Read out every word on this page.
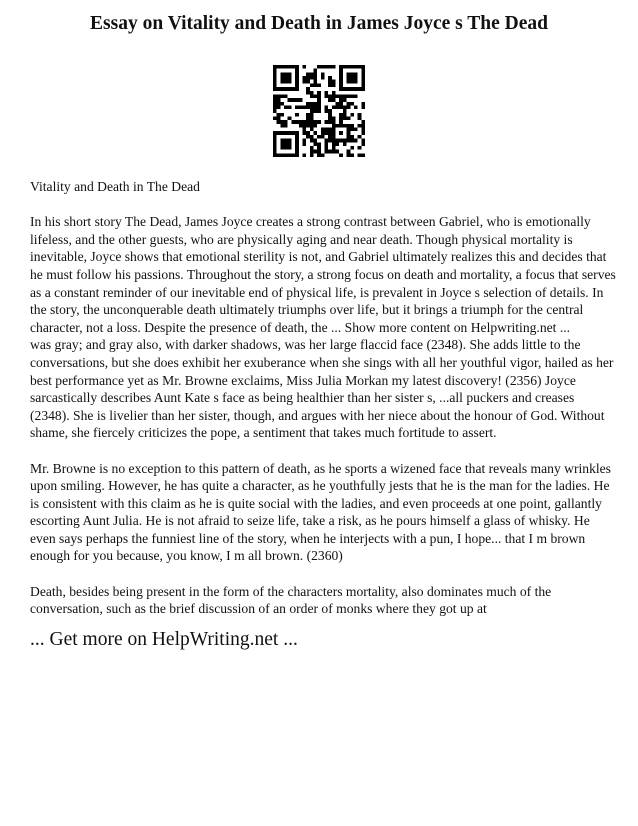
Essay on Vitality and Death in James Joyce s The Dead

Vitality and Death in The Dead

In his short story The Dead, James Joyce creates a strong contrast between Gabriel, who is emotionally lifeless, and the other guests, who are physically aging and near death. Though physical mortality is inevitable, Joyce shows that emotional sterility is not, and Gabriel ultimately realizes this and decides that he must follow his passions. Throughout the story, a strong focus on death and mortality, a focus that serves as a constant reminder of our inevitable end of physical life, is prevalent in Joyce s selection of details. In the story, the unconquerable death ultimately triumphs over life, but it brings a triumph for the central character, not a loss. Despite the presence of death, the ... Show more content on Helpwriting.net ...

was gray; and gray also, with darker shadows, was her large flaccid face (2348). She adds little to the conversations, but she does exhibit her exuberance when she sings with all her youthful vigor, hailed as her best performance yet as Mr. Browne exclaims, Miss Julia Morkan my latest discovery! (2356) Joyce sarcastically describes Aunt Kate s face as being healthier than her sister s, ...all puckers and creases (2348). She is livelier than her sister, though, and argues with her niece about the honour of God. Without shame, she fiercely criticizes the pope, a sentiment that takes much fortitude to assert.

Mr. Browne is no exception to this pattern of death, as he sports a wizened face that reveals many wrinkles upon smiling. However, he has quite a character, as he youthfully jests that he is the man for the ladies. He is consistent with this claim as he is quite social with the ladies, and even proceeds at one point, gallantly escorting Aunt Julia. He is not afraid to seize life, take a risk, as he pours himself a glass of whisky. He even says perhaps the funniest line of the story, when he interjects with a pun, I hope... that I m brown enough for you because, you know, I m all brown. (2360)

Death, besides being present in the form of the characters mortality, also dominates much of the conversation, such as the brief discussion of an order of monks where they got up at

... Get more on HelpWriting.net ...
